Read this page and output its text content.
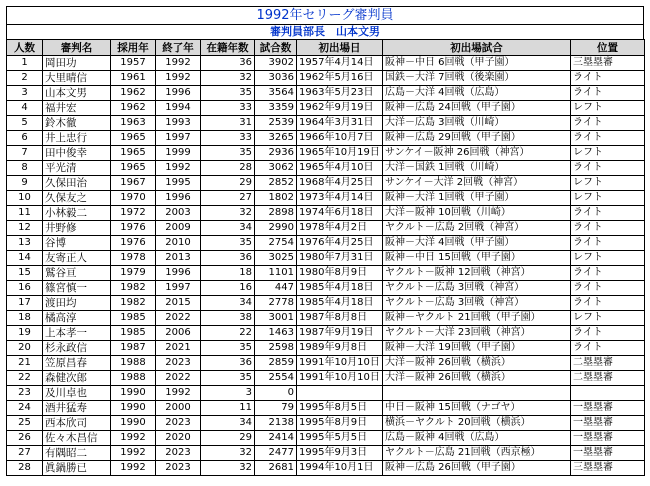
1992年セリーグ審判員
審判員部長　山本文男
人数	審判名	採用年	終了年	在籍年数	試合数	初出場日	初出場試合	位置
1	岡田功	1957	1992	36	3902	1957年4月14日	阪神－中日 6回戦（甲子園）	三塁塁審
2	大里晴信	1961	1992	32	3036	1962年5月16日	国鉄－大洋 7回戦（後楽園）	ライト
3	山本文男	1962	1996	35	3564	1963年5月23日	広島－大洋 4回戦（広島）	ライト
4	福井宏	1962	1994	33	3359	1962年9月19日	阪神－広島 24回戦（甲子園）	レフト
5	鈴木徹	1963	1993	31	2539	1964年3月31日	大洋－広島 3回戦（川崎）	ライト
6	井上忠行	1965	1997	33	3265	1966年10月7日	阪神－広島 29回戦（甲子園）	ライト
7	田中俊幸	1965	1999	35	2936	1965年10月19日	サンケイ－阪神 26回戦（神宮）	レフト
8	平光清	1965	1992	28	3062	1965年4月10日	大洋－国鉄 1回戦（川崎）	ライト
9	久保田治	1967	1995	29	2852	1968年4月25日	サンケイ－大洋 2回戦（神宮）	レフト
10	久保友之	1970	1996	27	1802	1973年4月14日	阪神－大洋 1回戦（甲子園）	レフト
11	小林毅二	1972	2003	32	2898	1974年6月18日	大洋－阪神 10回戦（川崎）	ライト
12	井野修	1976	2009	34	2990	1978年4月2日	ヤクルト－広島 2回戦（神宮）	ライト
13	谷博	1976	2010	35	2754	1976年4月25日	阪神－大洋 4回戦（甲子園）	ライト
14	友寄正人	1978	2013	36	3025	1980年7月31日	阪神－中日 15回戦（甲子園）	レフト
15	鷲谷亘	1979	1996	18	1101	1980年8月9日	ヤクルト－阪神 12回戦（神宮）	ライト
16	篠宮慎一	1982	1997	16	447	1985年4月18日	ヤクルト－広島 3回戦（神宮）	ライト
17	渡田均	1982	2015	34	2778	1985年4月18日	ヤクルト－広島 3回戦（神宮）	ライト
18	橘高淳	1985	2022	38	3001	1987年8月8日	阪神－ヤクルト 21回戦（甲子園）	レフト
19	上本孝一	1985	2006	22	1463	1987年9月19日	ヤクルト－大洋 23回戦（神宮）	ライト
20	杉永政信	1987	2021	35	2598	1989年9月8日	阪神－大洋 19回戦（甲子園）	ライト
21	笠原昌春	1988	2023	36	2859	1991年10月10日	大洋－阪神 26回戦（横浜）	二塁塁審
22	森健次郎	1988	2022	35	2554	1991年10月10日	大洋－阪神 26回戦（横浜）	二塁塁審
23	及川卓也	1990	1992	3	0			
24	酒井猛寿	1990	2000	11	79	1995年8月5日	中日－阪神 15回戦（ナゴヤ）	一塁塁審
25	西本欣司	1990	2023	34	2138	1995年8月9日	横浜－ヤクルト 20回戦（横浜）	一塁塁審
26	佐々木昌信	1992	2020	29	2414	1995年5月5日	広島－阪神 4回戦（広島）	一塁塁審
27	有隅昭二	1992	2023	32	2477	1995年9月3日	ヤクルト－広島 21回戦（西京極）	一塁塁審
28	眞鍋勝已	1992	2023	32	2681	1994年10月1日	阪神－広島 26回戦（甲子園）	三塁塁審
